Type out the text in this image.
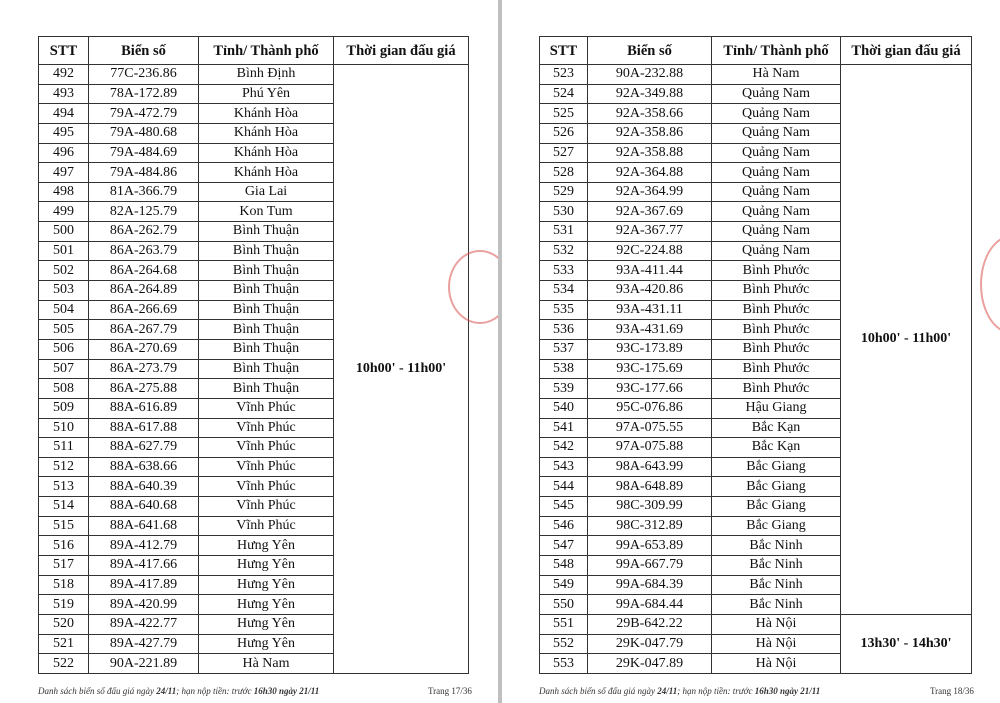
STT	Biển số	Tỉnh/ Thành phố	Thời gian đấu giá
492	77C-236.86	Bình Định	10h00' - 11h00'
493	78A-172.89	Phú Yên	
494	79A-472.79	Khánh Hòa	
495	79A-480.68	Khánh Hòa	
496	79A-484.69	Khánh Hòa	
497	79A-484.86	Khánh Hòa	
498	81A-366.79	Gia Lai	
499	82A-125.79	Kon Tum	
500	86A-262.79	Bình Thuận	
501	86A-263.79	Bình Thuận	
502	86A-264.68	Bình Thuận	
503	86A-264.89	Bình Thuận	
504	86A-266.69	Bình Thuận	
505	86A-267.79	Bình Thuận	
506	86A-270.69	Bình Thuận	
507	86A-273.79	Bình Thuận	
508	86A-275.88	Bình Thuận	
509	88A-616.89	Vĩnh Phúc	
510	88A-617.88	Vĩnh Phúc	
511	88A-627.79	Vĩnh Phúc	
512	88A-638.66	Vĩnh Phúc	
513	88A-640.39	Vĩnh Phúc	
514	88A-640.68	Vĩnh Phúc	
515	88A-641.68	Vĩnh Phúc	
516	89A-412.79	Hưng Yên	
517	89A-417.66	Hưng Yên	
518	89A-417.89	Hưng Yên	
519	89A-420.99	Hưng Yên	
520	89A-422.77	Hưng Yên	
521	89A-427.79	Hưng Yên	
522	90A-221.89	Hà Nam	
Danh sách biển số đấu giá ngày 24/11; hạn nộp tiền: trước 16h30 ngày 21/11	Trang 17/36
STT	Biển số	Tỉnh/ Thành phố	Thời gian đấu giá
523	90A-232.88	Hà Nam	10h00' - 11h00'
524	92A-349.88	Quảng Nam	
525	92A-358.66	Quảng Nam	
526	92A-358.86	Quảng Nam	
527	92A-358.88	Quảng Nam	
528	92A-364.88	Quảng Nam	
529	92A-364.99	Quảng Nam	
530	92A-367.69	Quảng Nam	
531	92A-367.77	Quảng Nam	
532	92C-224.88	Quảng Nam	
533	93A-411.44	Bình Phước	
534	93A-420.86	Bình Phước	
535	93A-431.11	Bình Phước	
536	93A-431.69	Bình Phước	
537	93C-173.89	Bình Phước	
538	93C-175.69	Bình Phước	
539	93C-177.66	Bình Phước	
540	95C-076.86	Hậu Giang	
541	97A-075.55	Bắc Kạn	
542	97A-075.88	Bắc Kạn	
543	98A-643.99	Bắc Giang	
544	98A-648.89	Bắc Giang	
545	98C-309.99	Bắc Giang	
546	98C-312.89	Bắc Giang	
547	99A-653.89	Bắc Ninh	
548	99A-667.79	Bắc Ninh	
549	99A-684.39	Bắc Ninh	
550	99A-684.44	Bắc Ninh	
551	29B-642.22	Hà Nội	13h30' - 14h30'
552	29K-047.79	Hà Nội	
553	29K-047.89	Hà Nội	
Danh sách biển số đấu giá ngày 24/11; hạn nộp tiền: trước 16h30 ngày 21/11	Trang 18/36
